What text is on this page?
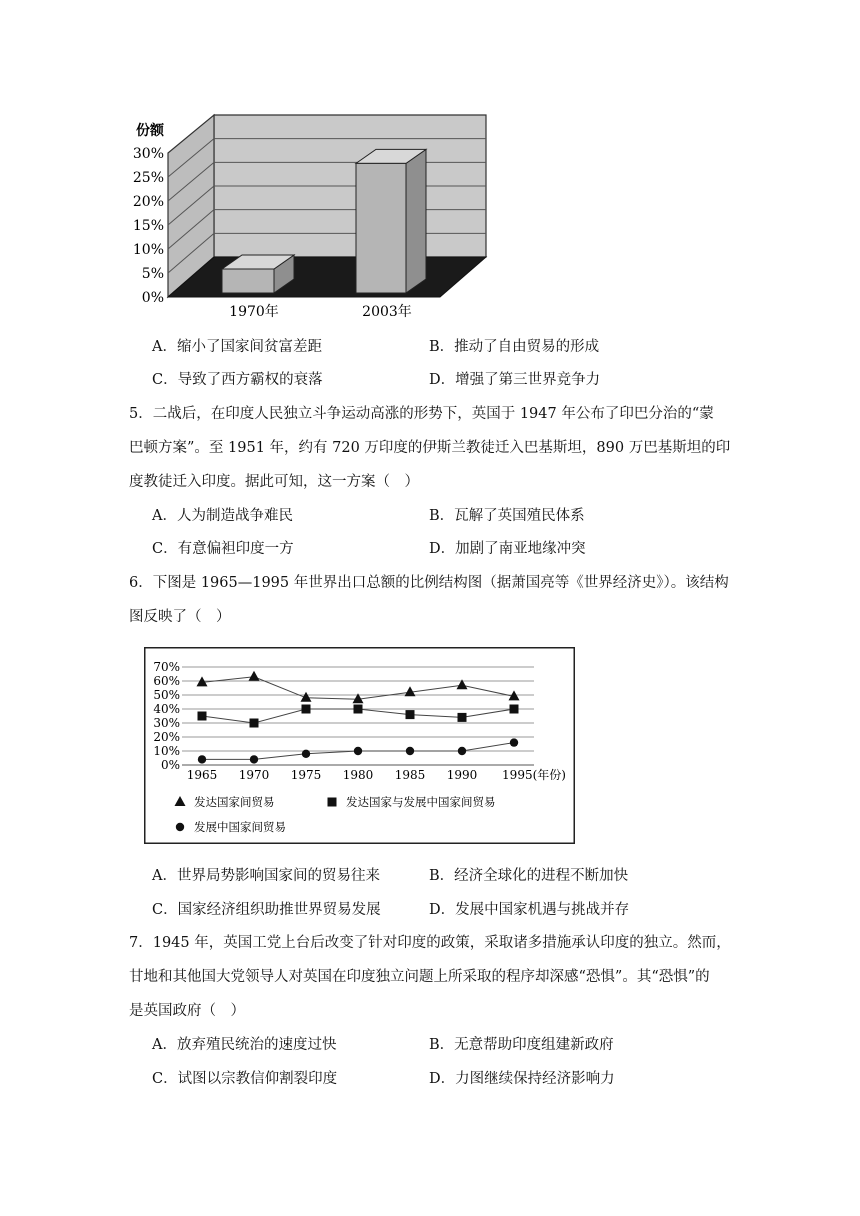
份额
0%
5%
10%
15%
20%
25%
30%
1970年	2003年
A．缩小了国家间贫富差距	B．推动了自由贸易的形成
C．导致了西方霸权的衰落	D．增强了第三世界竞争力
5．二战后，在印度人民独立斗争运动高涨的形势下，英国于 1947 年公布了印巴分治的“蒙
巴顿方案”。至 1951 年，约有 720 万印度的伊斯兰教徒迁入巴基斯坦，890 万巴基斯坦的印
度教徒迁入印度。据此可知，这一方案（　）
A．人为制造战争难民	B．瓦解了英国殖民体系
C．有意偏袒印度一方	D．加剧了南亚地缘冲突
6．下图是 1965—1995 年世界出口总额的比例结构图（据萧国亮等《世界经济史》）。该结构
图反映了（　）
0%
10%
20%
30%
40%
50%
60%
70%
1965 1970 1975 1980 1985 1990 1995(年份)
发达国家间贸易	发达国家与发展中国家间贸易
发展中国家间贸易
A．世界局势影响国家间的贸易往来	B．经济全球化的进程不断加快
C．国家经济组织助推世界贸易发展	D．发展中国家机遇与挑战并存
7．1945 年，英国工党上台后改变了针对印度的政策，采取诸多措施承认印度的独立。然而，
甘地和其他国大党领导人对英国在印度独立问题上所采取的程序却深感“恐惧”。其“恐惧”的
是英国政府（　）
A．放弃殖民统治的速度过快	B．无意帮助印度组建新政府
C．试图以宗教信仰割裂印度	D．力图继续保持经济影响力
